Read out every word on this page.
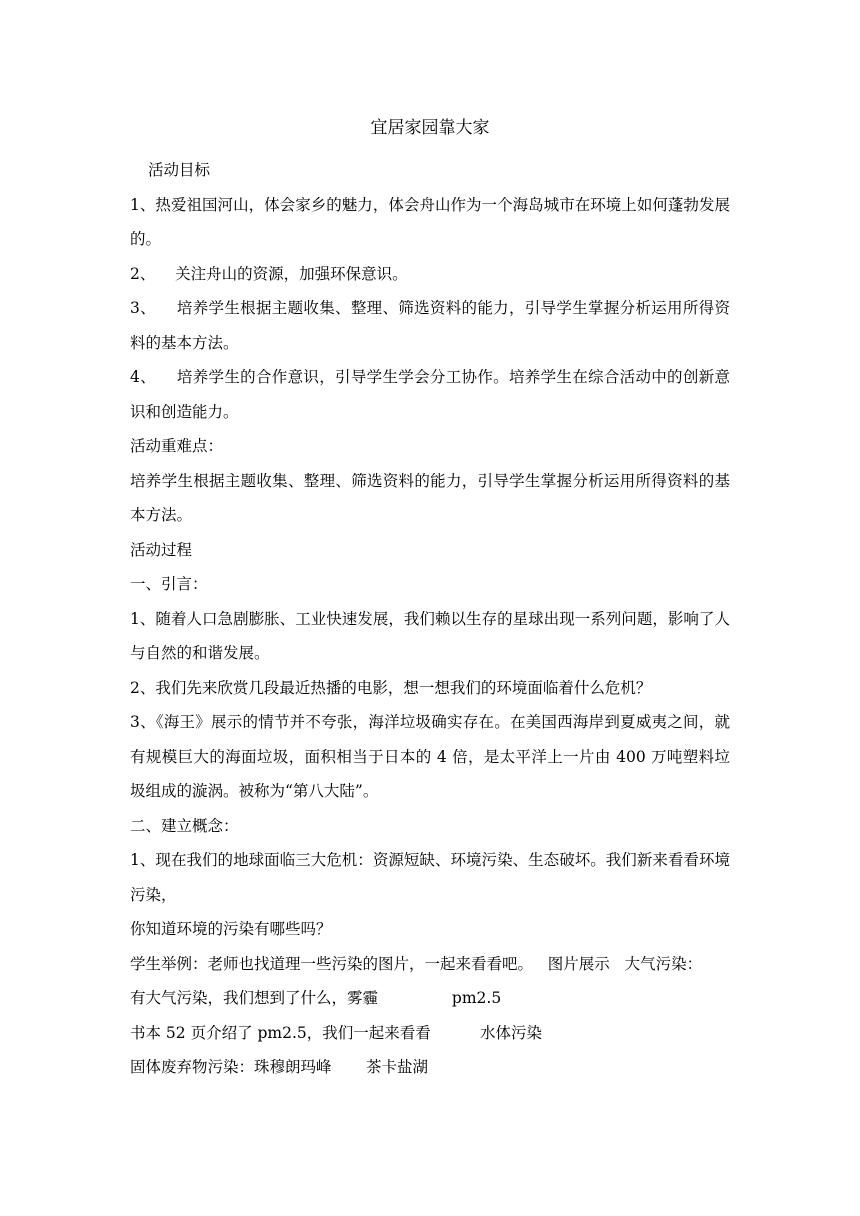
宜居家园靠大家

活动目标

1、热爱祖国河山，体会家乡的魅力，体会舟山作为一个海岛城市在环境上如何蓬勃发展的。

2、    关注舟山的资源，加强环保意识。

3、    培养学生根据主题收集、整理、筛选资料的能力，引导学生掌握分析运用所得资料的基本方法。

4、    培养学生的合作意识，引导学生学会分工协作。培养学生在综合活动中的创新意识和创造能力。

活动重难点：

培养学生根据主题收集、整理、筛选资料的能力，引导学生掌握分析运用所得资料的基本方法。

活动过程

一、引言：

1、随着人口急剧膨胀、工业快速发展，我们赖以生存的星球出现一系列问题，影响了人与自然的和谐发展。

2、我们先来欣赏几段最近热播的电影，想一想我们的环境面临着什么危机？

3、《海王》展示的情节并不夸张，海洋垃圾确实存在。在美国西海岸到夏威夷之间，就有规模巨大的海面垃圾，面积相当于日本的 4 倍，是太平洋上一片由 400 万吨塑料垃圾组成的漩涡。被称为“第八大陆”。

二、建立概念：

1、现在我们的地球面临三大危机：资源短缺、环境污染、生态破坏。我们新来看看环境污染，

你知道环境的污染有哪些吗？

学生举例：老师也找道理一些污染的图片，一起来看看吧。   图片展示   大气污染：

有大气污染，我们想到了什么，雾霾               pm2.5

书本 52 页介绍了 pm2.5，我们一起来看看          水体污染

固体废弃物污染：珠穆朗玛峰       茶卡盐湖
